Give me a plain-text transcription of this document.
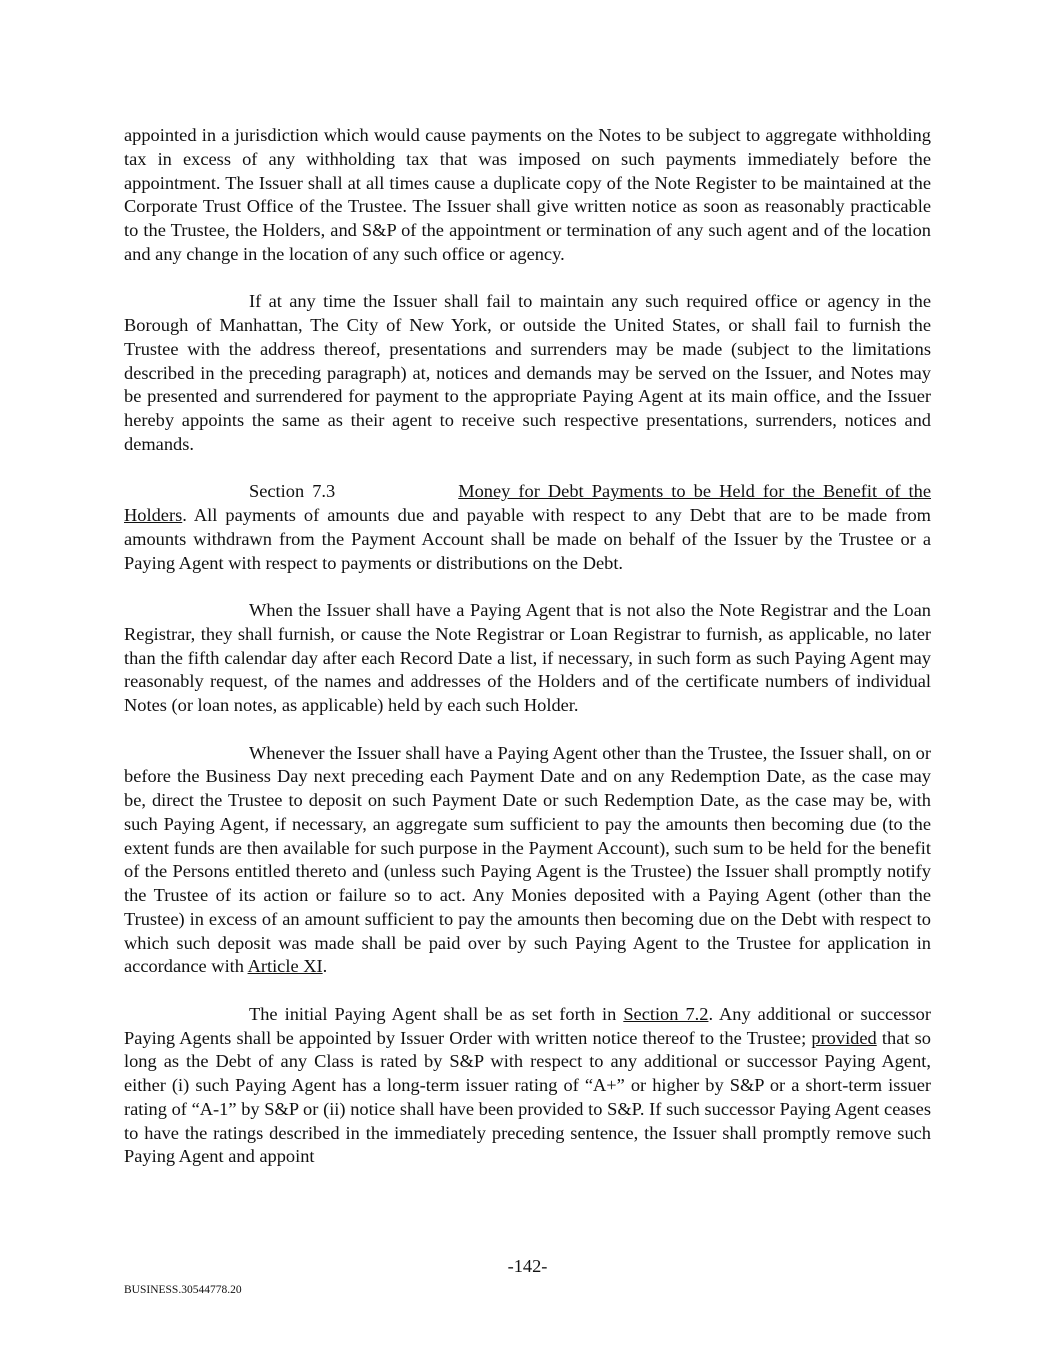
appointed in a jurisdiction which would cause payments on the Notes to be subject to aggregate withholding tax in excess of any withholding tax that was imposed on such payments immediately before the appointment. The Issuer shall at all times cause a duplicate copy of the Note Register to be maintained at the Corporate Trust Office of the Trustee. The Issuer shall give written notice as soon as reasonably practicable to the Trustee, the Holders, and S&P of the appointment or termination of any such agent and of the location and any change in the location of any such office or agency.

If at any time the Issuer shall fail to maintain any such required office or agency in the Borough of Manhattan, The City of New York, or outside the United States, or shall fail to furnish the Trustee with the address thereof, presentations and surrenders may be made (subject to the limitations described in the preceding paragraph) at, notices and demands may be served on the Issuer, and Notes may be presented and surrendered for payment to the appropriate Paying Agent at its main office, and the Issuer hereby appoints the same as their agent to receive such respective presentations, surrenders, notices and demands.

Section 7.3	Money for Debt Payments to be Held for the Benefit of the Holders. All payments of amounts due and payable with respect to any Debt that are to be made from amounts withdrawn from the Payment Account shall be made on behalf of the Issuer by the Trustee or a Paying Agent with respect to payments or distributions on the Debt.

When the Issuer shall have a Paying Agent that is not also the Note Registrar and the Loan Registrar, they shall furnish, or cause the Note Registrar or Loan Registrar to furnish, as applicable, no later than the fifth calendar day after each Record Date a list, if necessary, in such form as such Paying Agent may reasonably request, of the names and addresses of the Holders and of the certificate numbers of individual Notes (or loan notes, as applicable) held by each such Holder.

Whenever the Issuer shall have a Paying Agent other than the Trustee, the Issuer shall, on or before the Business Day next preceding each Payment Date and on any Redemption Date, as the case may be, direct the Trustee to deposit on such Payment Date or such Redemption Date, as the case may be, with such Paying Agent, if necessary, an aggregate sum sufficient to pay the amounts then becoming due (to the extent funds are then available for such purpose in the Payment Account), such sum to be held for the benefit of the Persons entitled thereto and (unless such Paying Agent is the Trustee) the Issuer shall promptly notify the Trustee of its action or failure so to act. Any Monies deposited with a Paying Agent (other than the Trustee) in excess of an amount sufficient to pay the amounts then becoming due on the Debt with respect to which such deposit was made shall be paid over by such Paying Agent to the Trustee for application in accordance with Article XI.

The initial Paying Agent shall be as set forth in Section 7.2. Any additional or successor Paying Agents shall be appointed by Issuer Order with written notice thereof to the Trustee; provided that so long as the Debt of any Class is rated by S&P with respect to any additional or successor Paying Agent, either (i) such Paying Agent has a long-term issuer rating of “A+” or higher by S&P or a short-term issuer rating of “A-1” by S&P or (ii) notice shall have been provided to S&P. If such successor Paying Agent ceases to have the ratings described in the immediately preceding sentence, the Issuer shall promptly remove such Paying Agent and appoint

-142-
BUSINESS.30544778.20
